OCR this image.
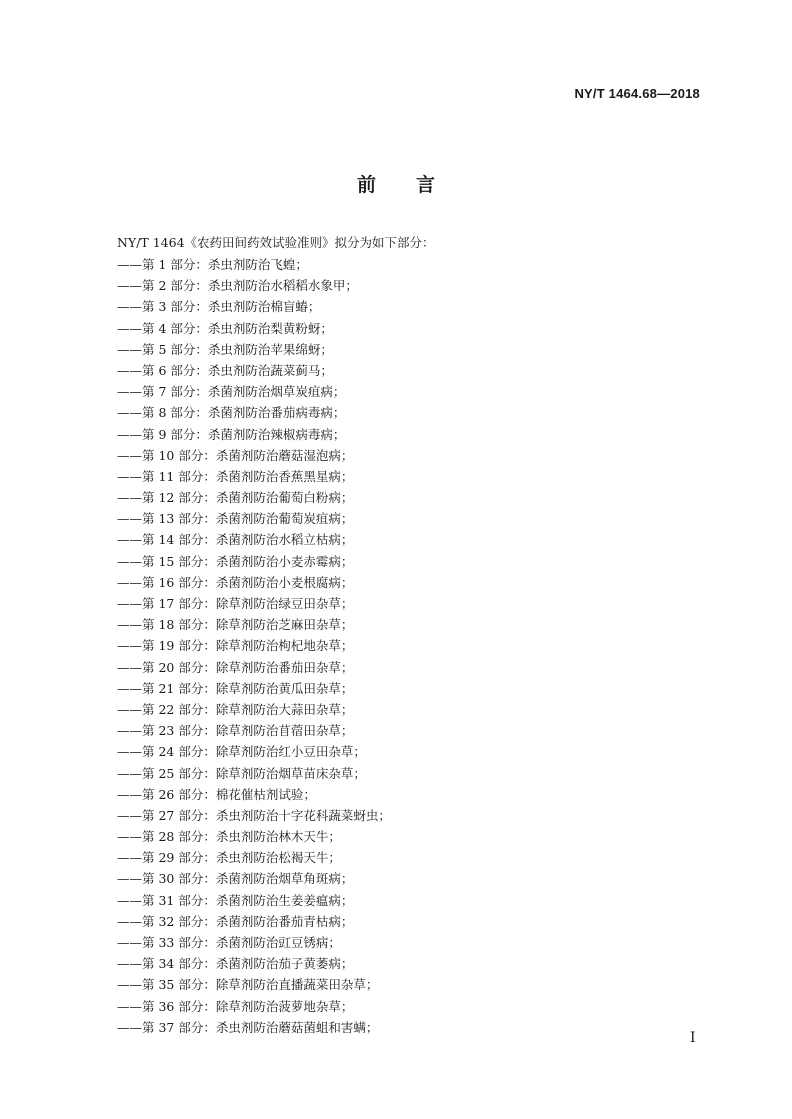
NY/T 1464.68—2018
前言
NY/T 1464《农药田间药效试验准则》拟分为如下部分：
——第 1 部分：杀虫剂防治飞蝗；
——第 2 部分：杀虫剂防治水稻稻水象甲；
——第 3 部分：杀虫剂防治棉盲蝽；
——第 4 部分：杀虫剂防治梨黄粉蚜；
——第 5 部分：杀虫剂防治苹果绵蚜；
——第 6 部分：杀虫剂防治蔬菜蓟马；
——第 7 部分：杀菌剂防治烟草炭疽病；
——第 8 部分：杀菌剂防治番茄病毒病；
——第 9 部分：杀菌剂防治辣椒病毒病；
——第 10 部分：杀菌剂防治蘑菇湿泡病；
——第 11 部分：杀菌剂防治香蕉黑星病；
——第 12 部分：杀菌剂防治葡萄白粉病；
——第 13 部分：杀菌剂防治葡萄炭疽病；
——第 14 部分：杀菌剂防治水稻立枯病；
——第 15 部分：杀菌剂防治小麦赤霉病；
——第 16 部分：杀菌剂防治小麦根腐病；
——第 17 部分：除草剂防治绿豆田杂草；
——第 18 部分：除草剂防治芝麻田杂草；
——第 19 部分：除草剂防治枸杞地杂草；
——第 20 部分：除草剂防治番茄田杂草；
——第 21 部分：除草剂防治黄瓜田杂草；
——第 22 部分：除草剂防治大蒜田杂草；
——第 23 部分：除草剂防治苜蓿田杂草；
——第 24 部分：除草剂防治红小豆田杂草；
——第 25 部分：除草剂防治烟草苗床杂草；
——第 26 部分：棉花催枯剂试验；
——第 27 部分：杀虫剂防治十字花科蔬菜蚜虫；
——第 28 部分：杀虫剂防治林木天牛；
——第 29 部分：杀虫剂防治松褐天牛；
——第 30 部分：杀菌剂防治烟草角斑病；
——第 31 部分：杀菌剂防治生姜姜瘟病；
——第 32 部分：杀菌剂防治番茄青枯病；
——第 33 部分：杀菌剂防治豇豆锈病；
——第 34 部分：杀菌剂防治茄子黄萎病；
——第 35 部分：除草剂防治直播蔬菜田杂草；
——第 36 部分：除草剂防治菠萝地杂草；
——第 37 部分：杀虫剂防治蘑菇菌蛆和害螨；
I
